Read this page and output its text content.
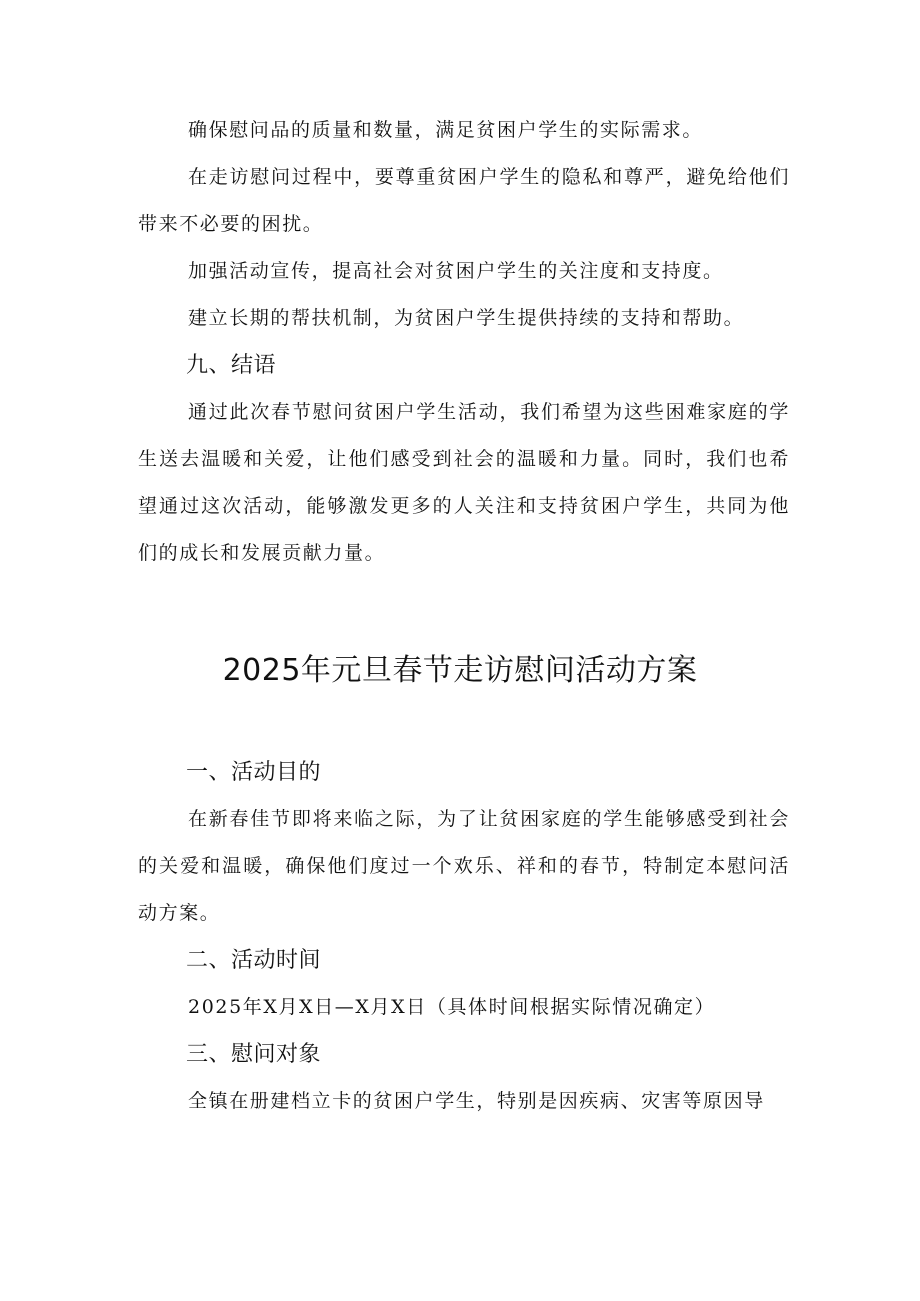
确保慰问品的质量和数量，满足贫困户学生的实际需求。

在走访慰问过程中，要尊重贫困户学生的隐私和尊严，避免给他们带来不必要的困扰。

加强活动宣传，提高社会对贫困户学生的关注度和支持度。

建立长期的帮扶机制，为贫困户学生提供持续的支持和帮助。

九、结语

通过此次春节慰问贫困户学生活动，我们希望为这些困难家庭的学生送去温暖和关爱，让他们感受到社会的温暖和力量。同时，我们也希望通过这次活动，能够激发更多的人关注和支持贫困户学生，共同为他们的成长和发展贡献力量。

2025年元旦春节走访慰问活动方案
一、活动目的

在新春佳节即将来临之际，为了让贫困家庭的学生能够感受到社会的关爱和温暖，确保他们度过一个欢乐、祥和的春节，特制定本慰问活动方案。

二、活动时间

2025年X月X日—X月X日（具体时间根据实际情况确定）

三、慰问对象

全镇在册建档立卡的贫困户学生，特别是因疾病、灾害等原因导
